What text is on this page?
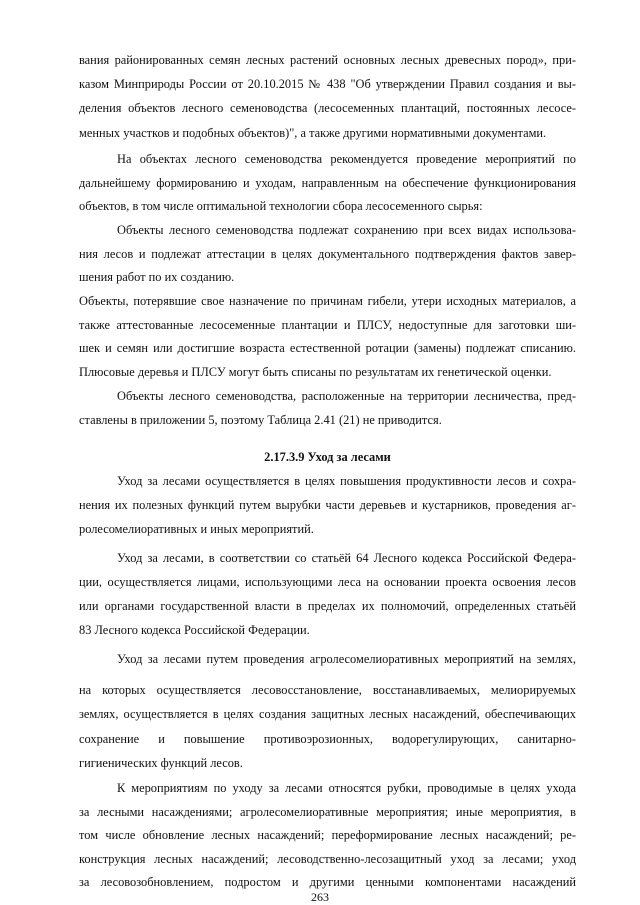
вания районированных семян лесных растений основных лесных древесных пород», при-
казом Минприроды России от 20.10.2015 № 438 "Об утверждении Правил создания и вы-
деления объектов лесного семеноводства (лесосеменных плантаций, постоянных лесосе-
менных участков и подобных объектов)", а также другими нормативными документами.
На объектах лесного семеноводства рекомендуется проведение мероприятий по
дальнейшему формированию и уходам, направленным на обеспечение функционирования
объектов, в том числе оптимальной технологии сбора лесосеменного сырья:
Объекты лесного семеноводства подлежат сохранению при всех видах использова-
ния лесов и подлежат аттестации в целях документального подтверждения фактов завер-
шения работ по их созданию.
Объекты, потерявшие свое назначение по причинам гибели, утери исходных материалов, а
также аттестованные лесосеменные плантации и ПЛСУ, недоступные для заготовки ши-
шек и семян или достигшие возраста естественной ротации (замены) подлежат списанию.
Плюсовые деревья и ПЛСУ могут быть списаны по результатам их генетической оценки.
Объекты лесного семеноводства, расположенные на территории лесничества, пред-
ставлены в приложении 5, поэтому Таблица 2.41 (21) не приводится.
2.17.3.9 Уход за лесами
Уход за лесами осуществляется в целях повышения продуктивности лесов и сохра-
нения их полезных функций путем вырубки части деревьев и кустарников, проведения аг-
ролесомелиоративных и иных мероприятий.
Уход за лесами, в соответствии со статьёй 64 Лесного кодекса Российской Федера-
ции, осуществляется лицами, использующими леса на основании проекта освоения лесов
или органами государственной власти в пределах их полномочий, определенных статьёй
83 Лесного кодекса Российской Федерации.
Уход за лесами путем проведения агролесомелиоративных мероприятий на землях,
на которых осуществляется лесовосстановление, восстанавливаемых, мелиорируемых
землях, осуществляется в целях создания защитных лесных насаждений, обеспечивающих
сохранение и повышение противоэрозионных, водорегулирующих, санитарно-
гигиенических функций лесов.
К мероприятиям по уходу за лесами относятся рубки, проводимые в целях ухода
за лесными насаждениями; агролесомелиоративные мероприятия; иные мероприятия, в
том числе обновление лесных насаждений; переформирование лесных насаждений; ре-
конструкция лесных насаждений; лесоводственно-лесозащитный уход за лесами; уход
за лесовозобновлением, подростом и другими ценными компонентами насаждений
263
